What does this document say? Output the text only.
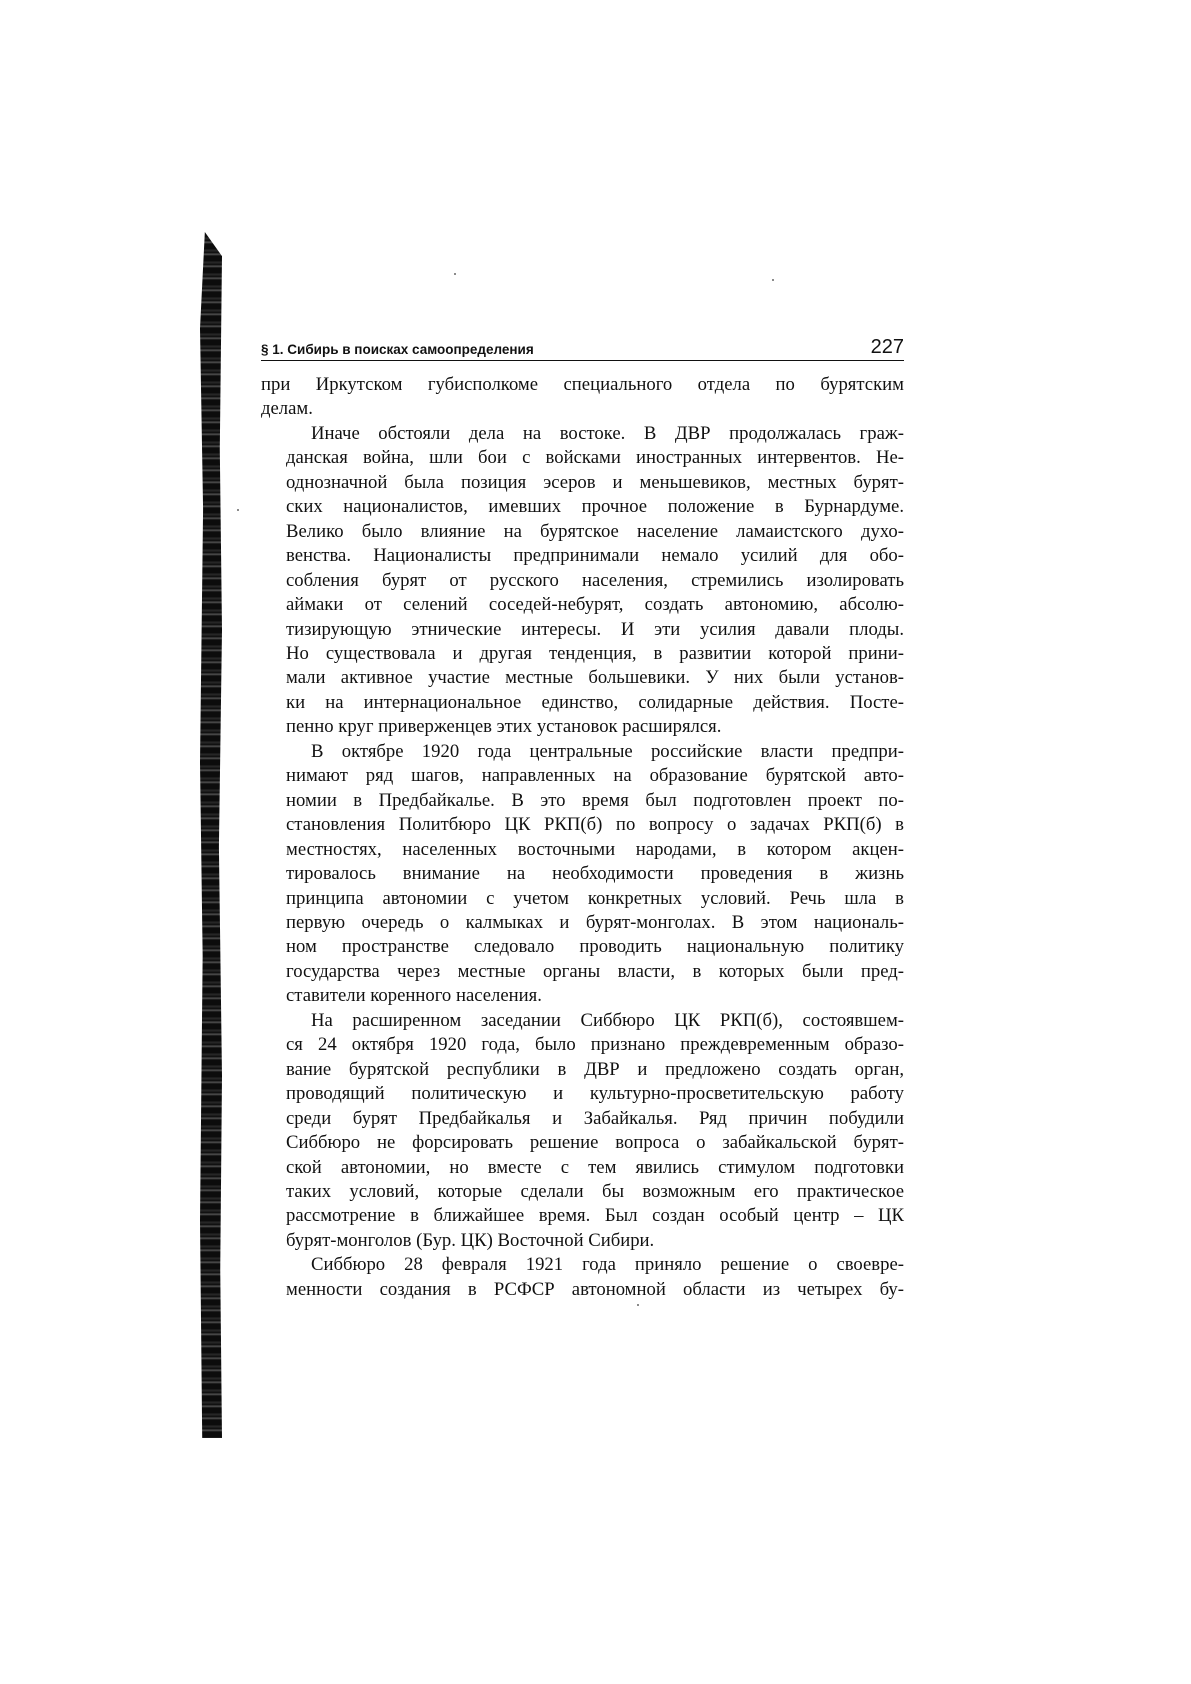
§ 1. Сибирь в поисках самоопределения	227

при Иркутском губисполкоме специального отдела по бурятским
делам.

Иначе обстояли дела на востоке. В ДВР продолжалась граж-
данская война, шли бои с войсками иностранных интервентов. Не-
однозначной была позиция эсеров и меньшевиков, местных бурят-
ских националистов, имевших прочное положение в Бурнардуме.
Велико было влияние на бурятское население ламаистского духо-
венства. Националисты предпринимали немало усилий для обо-
собления бурят от русского населения, стремились изолировать
аймаки от селений соседей-небурят, создать автономию, абсолю-
тизирующую этнические интересы. И эти усилия давали плоды.
Но существовала и другая тенденция, в развитии которой прини-
мали активное участие местные большевики. У них были установ-
ки на интернациональное единство, солидарные действия. Посте-
пенно круг приверженцев этих установок расширялся.

В октябре 1920 года центральные российские власти предпри-
нимают ряд шагов, направленных на образование бурятской авто-
номии в Предбайкалье. В это время был подготовлен проект по-
становления Политбюро ЦК РКП(б) по вопросу о задачах РКП(б) в
местностях, населенных восточными народами, в котором акцен-
тировалось внимание на необходимости проведения в жизнь
принципа автономии с учетом конкретных условий. Речь шла в
первую очередь о калмыках и бурят-монголах. В этом националь-
ном пространстве следовало проводить национальную политику
государства через местные органы власти, в которых были пред-
ставители коренного населения.

На расширенном заседании Сиббюро ЦК РКП(б), состоявшем-
ся 24 октября 1920 года, было признано преждевременным образо-
вание бурятской республики в ДВР и предложено создать орган,
проводящий политическую и культурно-просветительскую работу
среди бурят Предбайкалья и Забайкалья. Ряд причин побудили
Сиббюро не форсировать решение вопроса о забайкальской бурят-
ской автономии, но вместе с тем явились стимулом подготовки
таких условий, которые сделали бы возможным его практическое
рассмотрение в ближайшее время. Был создан особый центр – ЦК
бурят-монголов (Бур. ЦК) Восточной Сибири.

Сиббюро 28 февраля 1921 года приняло решение о своевре-
менности создания в РСФСР автономной области из четырех бу-
